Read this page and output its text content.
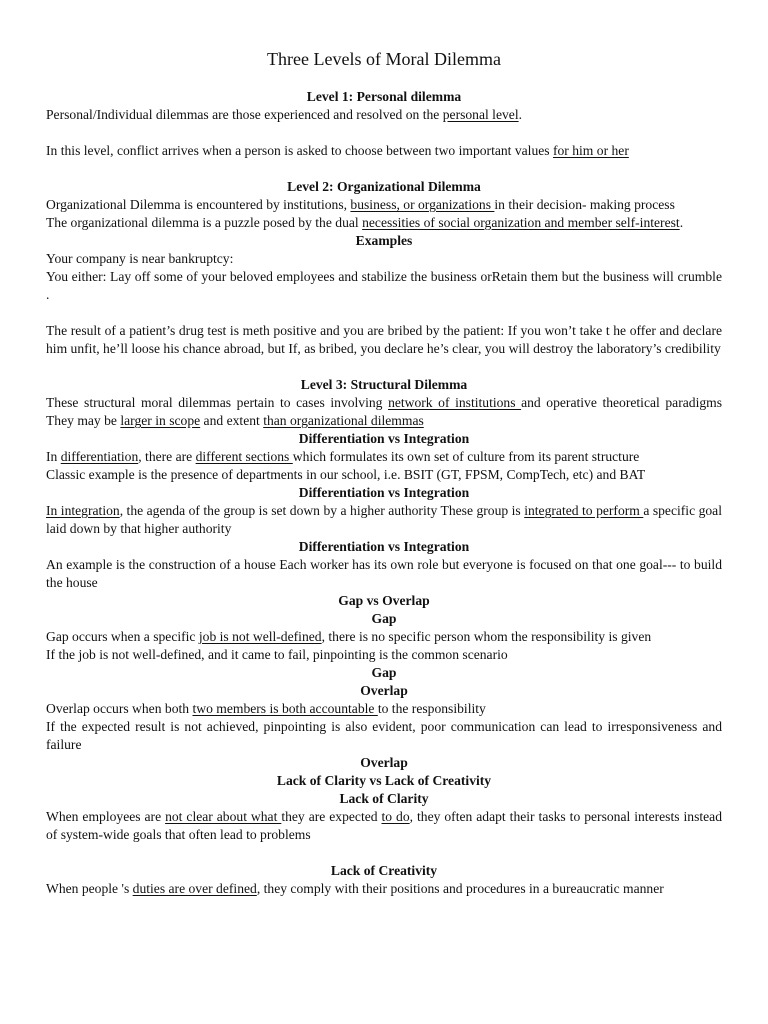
Three Levels of Moral Dilemma
Level 1: Personal dilemma

Personal/Individual dilemmas are those experienced and resolved on the personal level.

In this level, conflict arrives when a person is asked to choose between two important values for him or her

Level 2: Organizational Dilemma

Organizational Dilemma is encountered by institutions, business, or organizations in their decision- making process

The organizational dilemma is a puzzle posed by the dual necessities of social organization and member self-interest.

Examples

Your company is near bankruptcy:

You either: Lay off some of your beloved employees and stabilize the business orRetain them but the business will crumble .

The result of a patient’s drug test is meth positive and you are bribed by the patient: If you won’t take t he offer and declare him unfit, he’ll loose his chance abroad, but If, as bribed, you declare he’s clear, you will destroy the laboratory’s credibility

Level 3: Structural Dilemma

These structural moral dilemmas pertain to cases involving network of institutions and operative theoretical paradigms They may be larger in scope and extent than organizational dilemmas

Differentiation vs Integration

In differentiation, there are different sections which formulates its own set of culture from its parent structure

Classic example is the presence of departments in our school, i.e. BSIT (GT, FPSM, CompTech, etc) and BAT

Differentiation vs Integration

In integration, the agenda of the group is set down by a higher authority These group is integrated to perform a specific goal laid down by that higher authority

Differentiation vs Integration

An example is the construction of a house Each worker has its own role but everyone is focused on that one goal--- to build the house

Gap vs Overlap
Gap

Gap occurs when a specific job is not well-defined, there is no specific person whom the responsibility is given

If the job is not well-defined, and it came to fail, pinpointing is the common scenario

Gap
Overlap

Overlap occurs when both two members is both accountable to the responsibility

If the expected result is not achieved, pinpointing is also evident, poor communication can lead to irresponsiveness and failure

Overlap
Lack of Clarity vs Lack of Creativity
Lack of Clarity

When employees are not clear about what they are expected to do, they often adapt their tasks to personal interests instead of system-wide goals that often lead to problems

Lack of Creativity

When people 's duties are over defined, they comply with their positions and procedures in a bureaucratic manner
